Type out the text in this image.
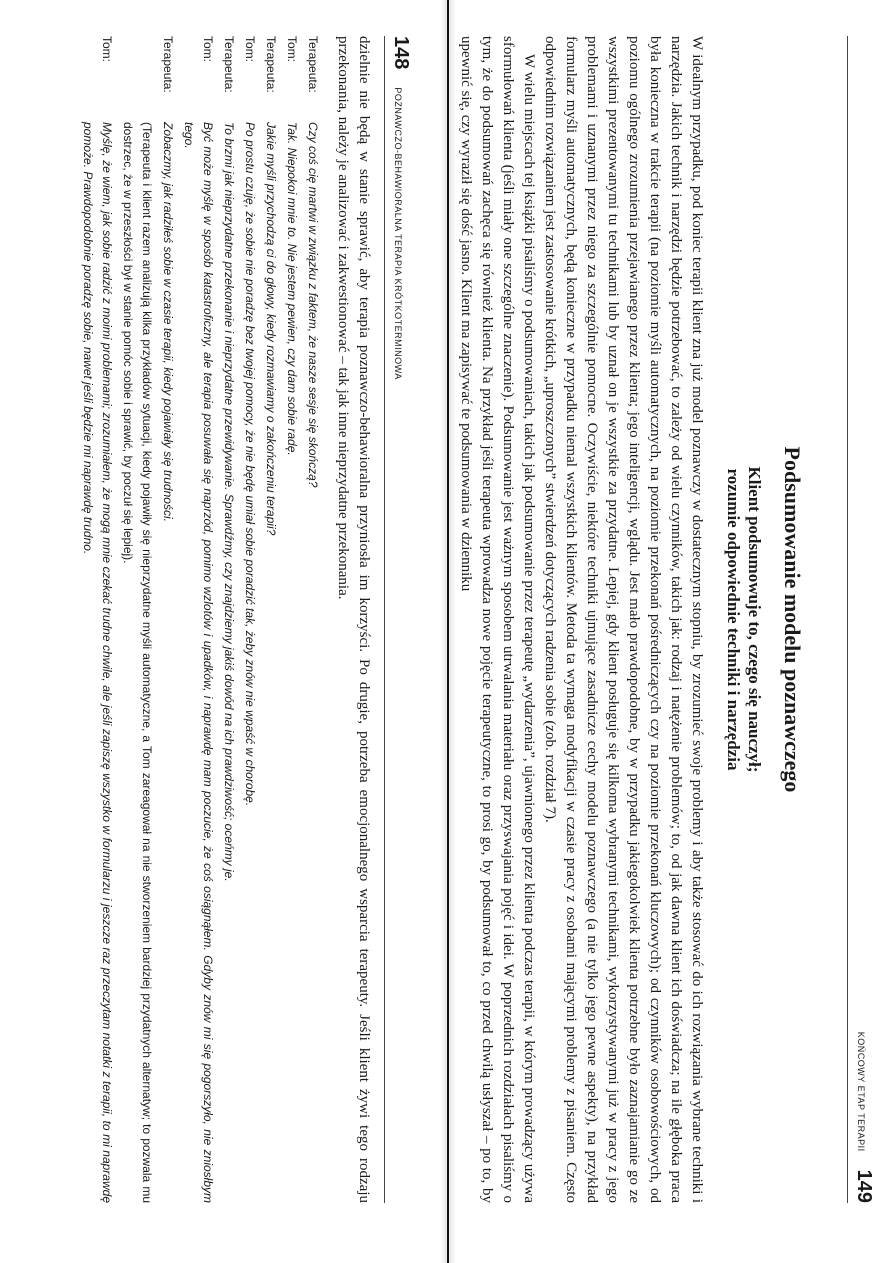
148
POZNAWCZO-BEHAWIORALNA TERAPIA KRÓTKOTERMINOWA

dzielnie nie będą w stanie sprawić, aby terapia poznawczo-behawioralna przyniosła im korzyści. Po drugie, potrzeba emocjonalnego wsparcia terapeuty. Jeśli klient żywi tego rodzaju przekonania, należy je analizować i zakwestionować – tak jak inne nieprzydatne przekonania.

Terapeuta:
Czy coś cię martwi w związku z faktem, że nasze sesje się skończą?
Tom:
Tak. Niepokoi mnie to. Nie jestem pewien, czy dam sobie radę.
Terapeuta:
Jakie myśli przychodzą ci do głowy, kiedy rozmawiamy o zakończeniu terapii?
Tom:
Po prostu czuję, że sobie nie poradzę bez twojej pomocy, że nie będę umiał sobie poradzić tak, żeby znów nie wpaść w chorobę.
Terapeuta:
To brzmi jak nieprzydatne przekonanie i nieprzydatne przewidywanie. Sprawdźmy, czy znajdziemy jakiś dowód na ich prawdziwość; oceńmy je.
Tom:
Być może myślę w sposób katastroficzny, ale terapia posuwała się naprzód, pomimo wzlotów i upadków, i naprawdę mam poczucie, że coś osiągnąłem. Gdyby znów mi się pogorszyło, nie zniosłbym tego.
Terapeuta:
Zobaczmy, jak radziłeś sobie w czasie terapii, kiedy pojawiały się trudności.
(Terapeuta i klient razem analizują kilka przykładów sytuacji, kiedy pojawiły się nieprzydatne myśli automatyczne, a Tom zareagował na nie stworzeniem bardziej przydatnych alternatyw; to pozwala mu dostrzec, że w przeszłości był w stanie pomóc sobie i sprawić, by poczuł się lepiej).
Tom:
Myślę, że wiem, jak sobie radzić z moimi problemami; zrozumiałem, że mogą mnie czekać trudne chwile, ale jeśli zapiszę wszystko w formularzu i jeszcze raz przeczytam notatki z terapii, to mi naprawdę pomoże. Prawdopodobnie poradzę sobie, nawet jeśli będzie mi naprawdę trudno.
KOŃCOWY ETAP TERAPII
149
Podsumowanie modelu poznawczego
Klient podsumowuje to, czego się nauczył;
rozumie odpowiednie techniki i narzędzia

W idealnym przypadku, pod koniec terapii klient zna już model poznawczy w dostatecznym stopniu, by zrozumieć swoje problemy i aby także stosować do ich rozwiązania wybrane techniki i narzędzia. Jakich technik i narzędzi będzie potrzebować, to zależy od wielu czynników, takich jak: rodzaj i natężenie problemów; to, od jak dawna klient ich doświadcza; na ile głęboka praca była konieczna w trakcie terapii (na poziomie myśli automatycznych, na poziomie przekonań pośredniczących czy na poziomie przekonań kluczowych); od czynników osobowościowych, od poziomu ogólnego zrozumienia przejawianego przez klienta; jego inteligencji, wglądu. Jest mało prawdopodobne, by w przypadku jakiegokolwiek klienta potrzebne było zaznajamianie go ze wszystkimi prezentowanymi tu technikami lub by uznał on je wszystkie za przydatne. Lepiej, gdy klient posługuje się kilkoma wybranymi technikami, wykorzystywanymi już w pracy z jego problemami i uznanymi przez niego za szczególnie pomocne. Oczywiście, niektóre techniki ujmujące zasadnicze cechy modelu poznawczego (a nie tylko jego pewne aspekty), na przykład formularz myśli automatycznych, będą konieczne w przypadku niemal wszystkich klientów. Metoda ta wymaga modyfikacji w czasie pracy z osobami mającymi problemy z pisaniem. Często odpowiednim rozwiązaniem jest zastosowanie krótkich, „uproszczonych” stwierdzeń dotyczących radzenia sobie (zob. rozdział 7).

W wielu miejscach tej książki pisaliśmy o podsumowaniach, takich jak podsumowanie przez terapeutę „wydarzenia”, ujawnionego przez klienta podczas terapii, w którym prowadzący używa sformułowań klienta (jeśli miały one szczególne znaczenie). Podsumowanie jest ważnym sposobem utrwalania materiału oraz przyswajania pojęć i idei. W poprzednich rozdziałach pisaliśmy o tym, że do podsumowań zachęca się również klienta. Na przykład jeśli terapeuta wprowadza nowe pojęcie terapeutyczne, to prosi go, by podsumował to, co przed chwilą usłyszał – po to, by upewnić się, czy wyraził się dość jasno. Klient ma zapisywać te podsumowania w dzienniku
